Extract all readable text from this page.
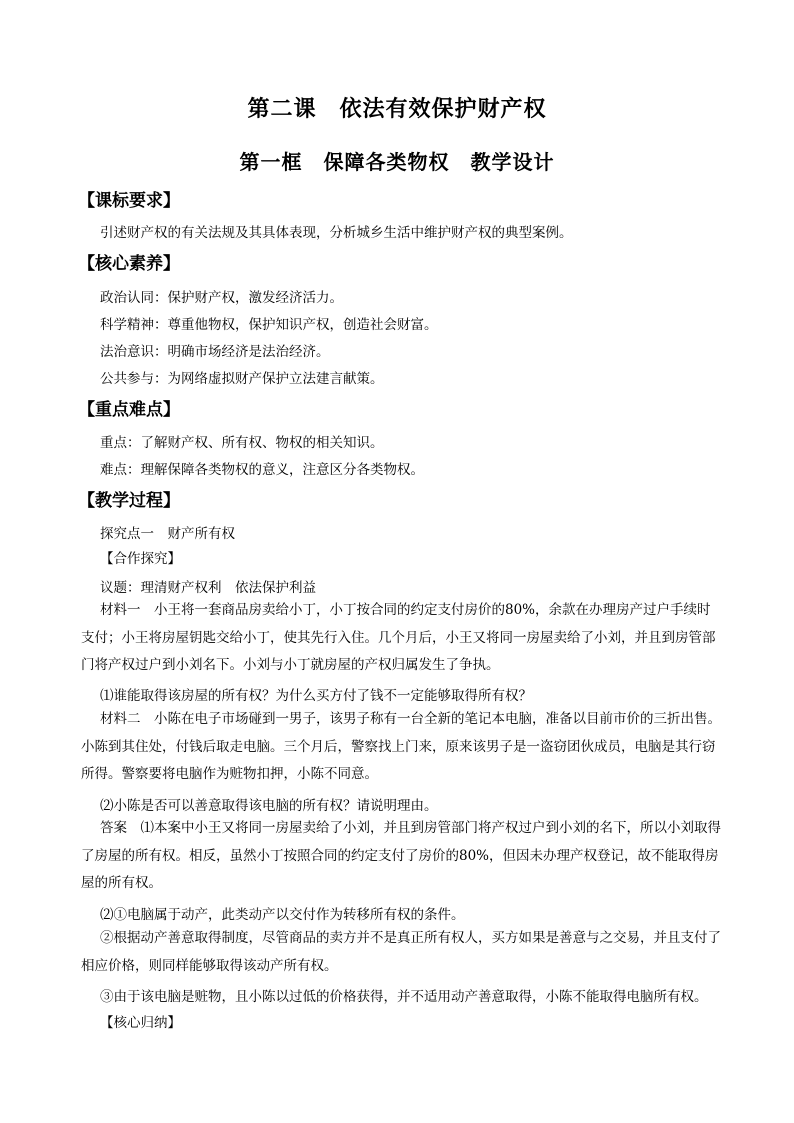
第二课　依法有效保护财产权
第一框　保障各类物权　教学设计
【课标要求】
引述财产权的有关法规及其具体表现，分析城乡生活中维护财产权的典型案例。
【核心素养】
政治认同：保护财产权，激发经济活力。
科学精神：尊重他物权，保护知识产权，创造社会财富。
法治意识：明确市场经济是法治经济。
公共参与：为网络虚拟财产保护立法建言献策。
【重点难点】
重点：了解财产权、所有权、物权的相关知识。
难点：理解保障各类物权的意义，注意区分各类物权。
【教学过程】
探究点一　财产所有权
【合作探究】
议题：理清财产权利　依法保护利益
材料一　小王将一套商品房卖给小丁，小丁按合同的约定支付房价的80%，余款在办理房产过户手续时支付；小王将房屋钥匙交给小丁，使其先行入住。几个月后，小王又将同一房屋卖给了小刘，并且到房管部门将产权过户到小刘名下。小刘与小丁就房屋的产权归属发生了争执。
⑴谁能取得该房屋的所有权？为什么买方付了钱不一定能够取得所有权？
材料二　小陈在电子市场碰到一男子，该男子称有一台全新的笔记本电脑，准备以目前市价的三折出售。小陈到其住处，付钱后取走电脑。三个月后，警察找上门来，原来该男子是一盗窃团伙成员，电脑是其行窃所得。警察要将电脑作为赃物扣押，小陈不同意。
⑵小陈是否可以善意取得该电脑的所有权？请说明理由。
答案　⑴本案中小王又将同一房屋卖给了小刘，并且到房管部门将产权过户到小刘的名下，所以小刘取得了房屋的所有权。相反，虽然小丁按照合同的约定支付了房价的80%，但因未办理产权登记，故不能取得房屋的所有权。
⑵①电脑属于动产，此类动产以交付作为转移所有权的条件。
②根据动产善意取得制度，尽管商品的卖方并不是真正所有权人，买方如果是善意与之交易，并且支付了相应价格，则同样能够取得该动产所有权。
③由于该电脑是赃物，且小陈以过低的价格获得，并不适用动产善意取得，小陈不能取得电脑所有权。
【核心归纳】
